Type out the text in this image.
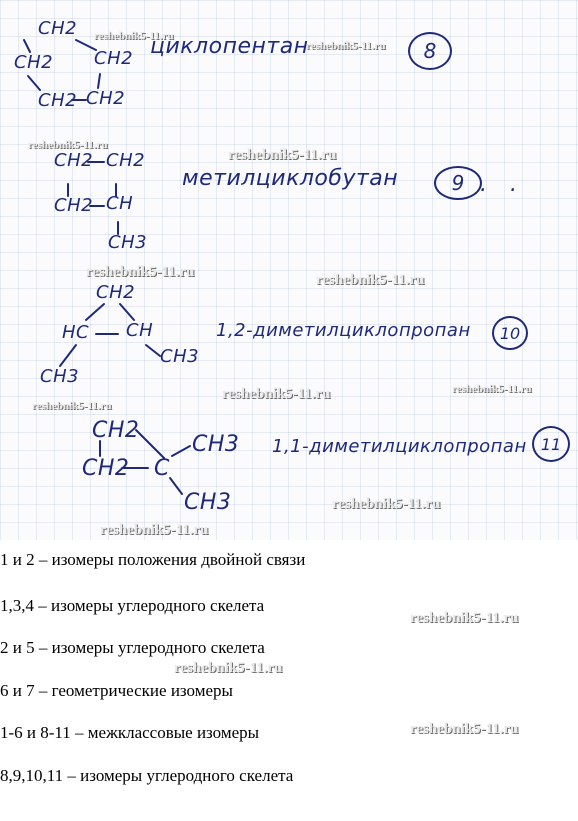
CH2
CH2 CH2
CH2 CH2
циклопентан	8
CH2 CH2
CH2 CH
CH3
метилциклобутан	9
CH2
HC CH
CH3
CH3
1,2-диметилциклопропан 10
CH2
CH2 C
CH3
CH3
1,1-диметилциклопропан 11
. .
reshebnik5-11.ru
reshebnik5-11.ru
reshebnik5-11.ru
reshebnik5-11.ru
reshebnik5-11.ru	reshebnik5-11.ru
reshebnik5-11.ru	reshebnik5-11.ru
reshebnik5-11.ru
reshebnik5-11.ru
reshebnik5-11.ru
1 и 2 – изомеры положения двойной связи
1,3,4 – изомеры углеродного скелета
2 и 5 – изомеры углеродного скелета
6 и 7 – геометрические изомеры
1-6 и 8-11 – межклассовые изомеры
8,9,10,11 – изомеры углеродного скелета
reshebnik5-11.ru
reshebnik5-11.ru
reshebnik5-11.ru
